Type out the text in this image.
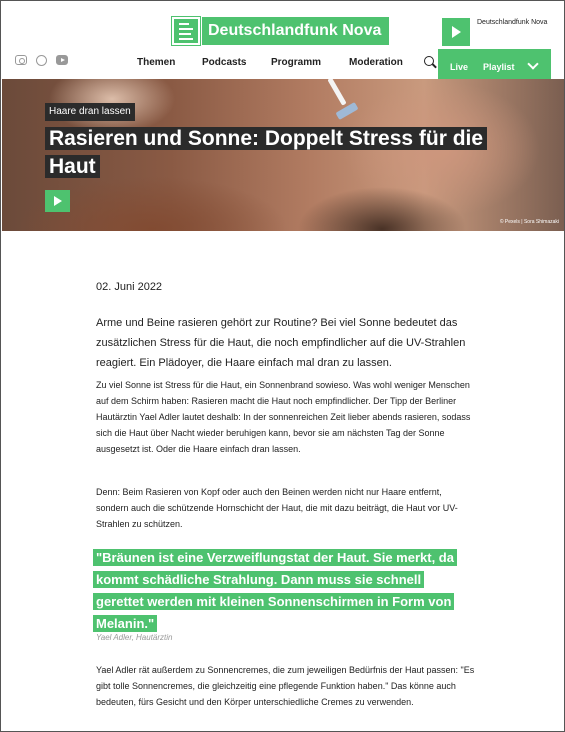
Deutschlandfunk Nova	Deutschlandfunk Nova
Themen	Podcasts Programm	Moderation	Live Playlist
Haare dran lassen
Rasieren und Sonne: Doppelt Stress für die Haut
© Pexels | Sora Shimazaki
02. Juni 2022

Arme und Beine rasieren gehört zur Routine? Bei viel Sonne bedeutet das zusätzlichen Stress für die Haut, die noch empfindlicher auf die UV-Strahlen reagiert. Ein Plädoyer, die Haare einfach mal dran zu lassen.

Zu viel Sonne ist Stress für die Haut, ein Sonnenbrand sowieso. Was wohl weniger Menschen auf dem Schirm haben: Rasieren macht die Haut noch empfindlicher. Der Tipp der Berliner Hautärztin Yael Adler lautet deshalb: In der sonnenreichen Zeit lieber abends rasieren, sodass sich die Haut über Nacht wieder beruhigen kann, bevor sie am nächsten Tag der Sonne ausgesetzt ist. Oder die Haare einfach dran lassen.

Denn: Beim Rasieren von Kopf oder auch den Beinen werden nicht nur Haare entfernt, sondern auch die schützende Hornschicht der Haut, die mit dazu beiträgt, die Haut vor UV-Strahlen zu schützen.

"Bräunen ist eine Verzweiflungstat der Haut. Sie merkt, da kommt schädliche Strahlung. Dann muss sie schnell gerettet werden mit kleinen Sonnenschirmen in Form von Melanin."
Yael Adler, Hautärztin

Yael Adler rät außerdem zu Sonnencremes, die zum jeweiligen Bedürfnis der Haut passen: "Es gibt tolle Sonnencremes, die gleichzeitig eine pflegende Funktion haben." Das könne auch bedeuten, fürs Gesicht und den Körper unterschiedliche Cremes zu verwenden.
